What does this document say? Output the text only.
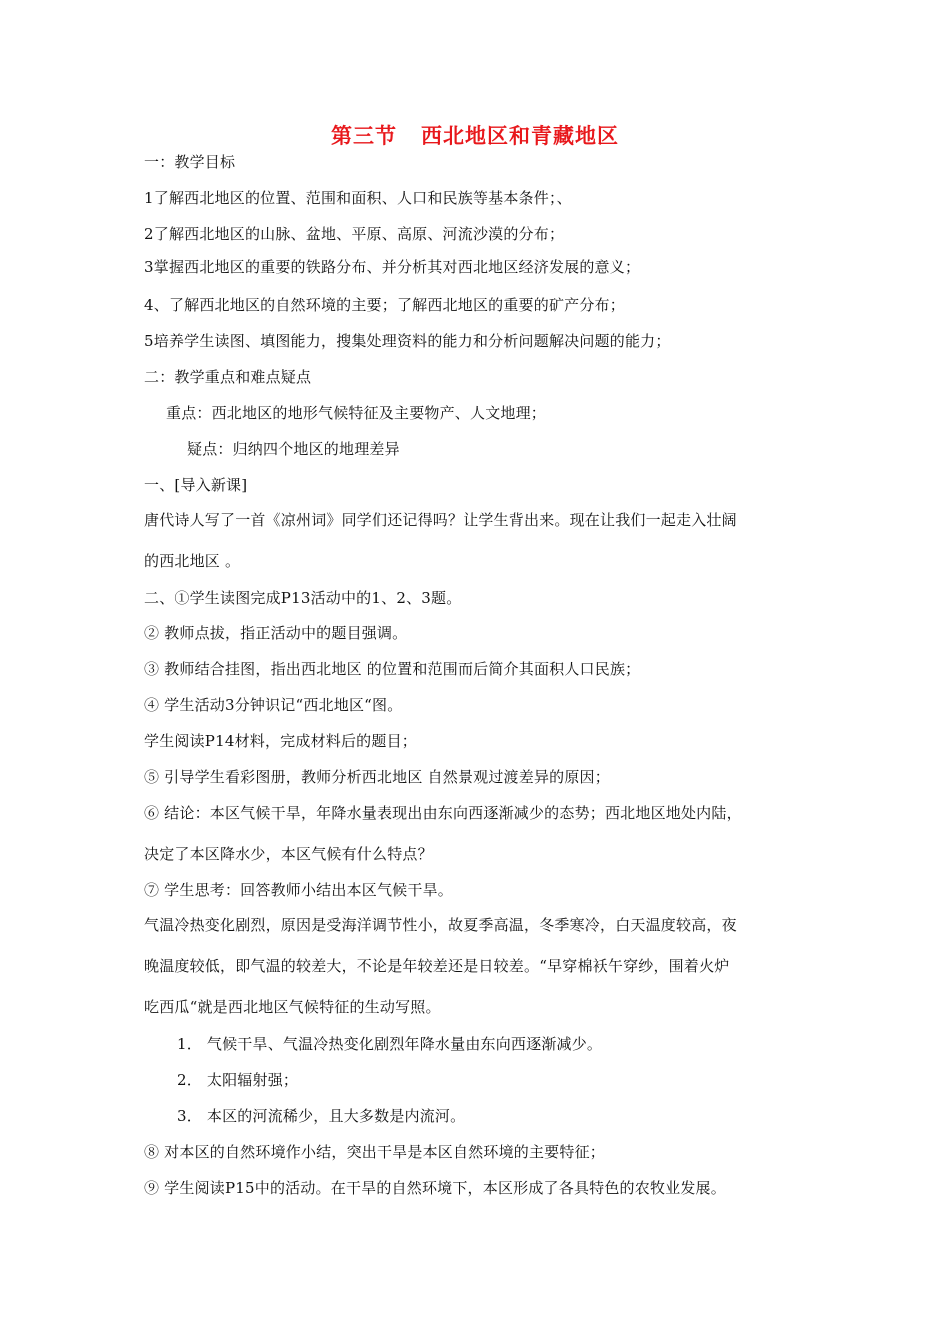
第三节 西北地区和青藏地区
一：教学目标
1了解西北地区的位置、范围和面积、人口和民族等基本条件；、
2了解西北地区的山脉、盆地、平原、高原、河流沙漠的分布；
3掌握西北地区的重要的铁路分布、并分析其对西北地区经济发展的意义；
4、了解西北地区的自然环境的主要；了解西北地区的重要的矿产分布；
5培养学生读图、填图能力，搜集处理资料的能力和分析问题解决问题的能力；
二：教学重点和难点疑点
重点：西北地区的地形气候特征及主要物产、人文地理；
疑点：归纳四个地区的地理差异
一、[导入新课]
唐代诗人写了一首《凉州词》同学们还记得吗？让学生背出来。现在让我们一起走入壮阔
的西北地区 。
二、①学生读图完成P13活动中的1、2、3题。
② 教师点拔，指正活动中的题目强调。
③ 教师结合挂图，指出西北地区 的位置和范围而后简介其面积人口民族；
④ 学生活动3分钟识记“西北地区“图。
学生阅读P14材料，完成材料后的题目；
⑤ 引导学生看彩图册，教师分析西北地区 自然景观过渡差异的原因；
⑥ 结论：本区气候干旱，年降水量表现出由东向西逐渐减少的态势；西北地区地处内陆，
决定了本区降水少，本区气候有什么特点？
⑦ 学生思考：回答教师小结出本区气候干旱。
气温冷热变化剧烈，原因是受海洋调节性小，故夏季高温，冬季寒冷，白天温度较高，夜
晚温度较低，即气温的较差大，不论是年较差还是日较差。“早穿棉袄午穿纱，围着火炉
吃西瓜“就是西北地区气候特征的生动写照。
1． 气候干旱、气温冷热变化剧烈年降水量由东向西逐渐减少。
2． 太阳辐射强；
3． 本区的河流稀少，且大多数是内流河。
⑧ 对本区的自然环境作小结，突出干旱是本区自然环境的主要特征；
⑨ 学生阅读P15中的活动。在干旱的自然环境下，本区形成了各具特色的农牧业发展。
